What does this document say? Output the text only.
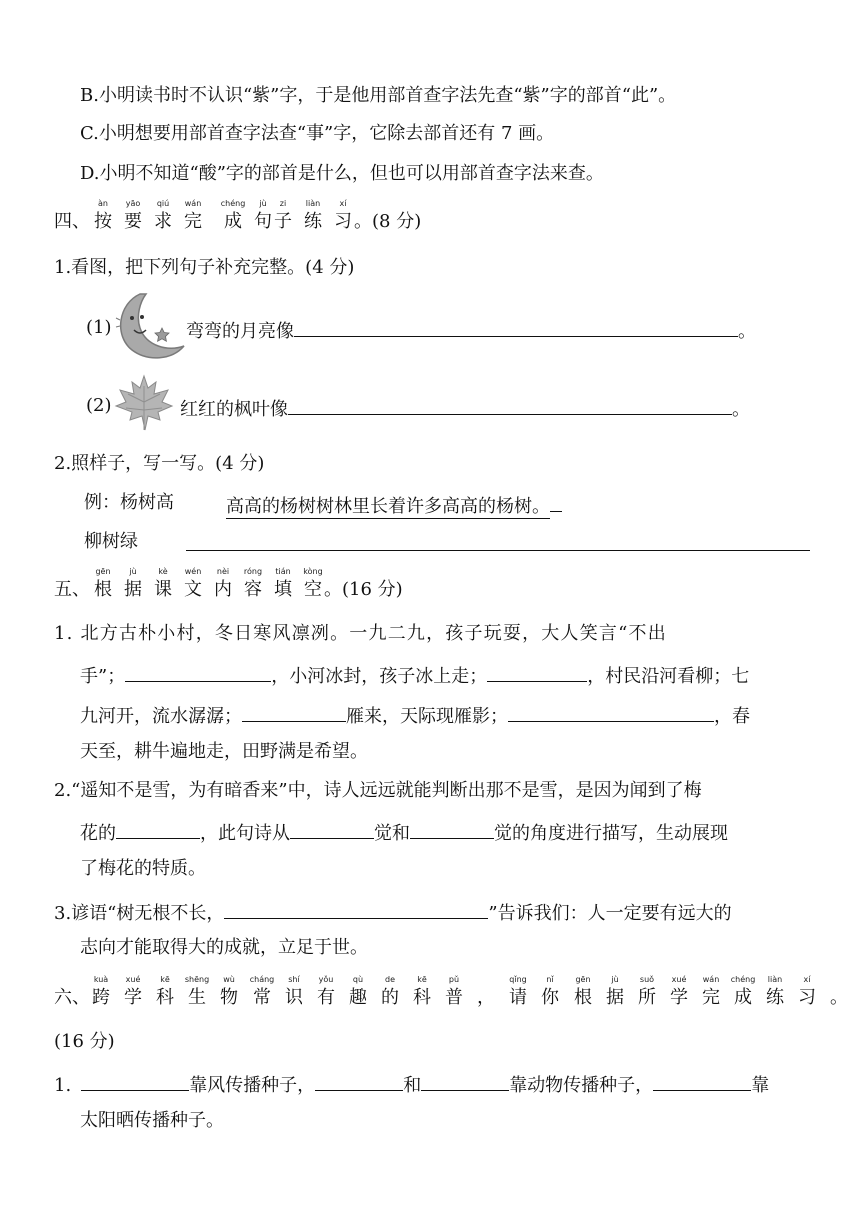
B.小明读书时不认识“紫”字，于是他用部首查字法先查“紫”字的部首“此”。
C.小明想要用部首查字法查“事”字，它除去部首还有 7 画。
D.小明不知道“酸”字的部首是什么，但也可以用部首查字法来查。
四、 按
àn
要
yāo
求
qiú
完
wán
成
chéng
句
jù
子
zi
练
liàn
习
xí
。(8 分)
1.看图，把下列句子补充完整。(4 分)
(1)	弯弯的月亮像	。
(2)	红红的枫叶像	。
2.照样子，写一写。(4 分)
例：杨树高	高高的杨树树林里长着许多高高的杨树。
柳树绿
五、 根
gēn
据
jù
课
kè
文
wén
内
nèi
容
róng
填
tián
空
kòng
。(16 分)
1. 北方古朴小村，冬日寒风凛冽。一九二九，孩子玩耍，大人笑言“不出
手”；	，小河冰封，孩子冰上走；	，村民沿河看柳；七
九河开，流水潺潺；	雁来，天际现雁影；	，春
天至，耕牛遍地走，田野满是希望。
2.“遥知不是雪，为有暗香来”中，诗人远远就能判断出那不是雪，是因为闻到了梅
花的	，此句诗从	觉和	觉的角度进行描写，生动展现
了梅花的特质。
3.谚语“树无根不长，	”告诉我们：人一定要有远大的
志向才能取得大的成就，立足于世。
六、 跨
kuà
学
xué
科
kē
生
shēng
物
wù
常
cháng
识
shí
有
yǒu
趣
qù
的
de
科
kē
普
pǔ
， 请
qǐng
你
nǐ
根
gēn
据
jù
所
suǒ
学
xué
完
wán
成
chéng
练
liàn
习
xí
。
(16 分)
1.	靠风传播种子，	和	靠动物传播种子，	靠
太阳晒传播种子。
